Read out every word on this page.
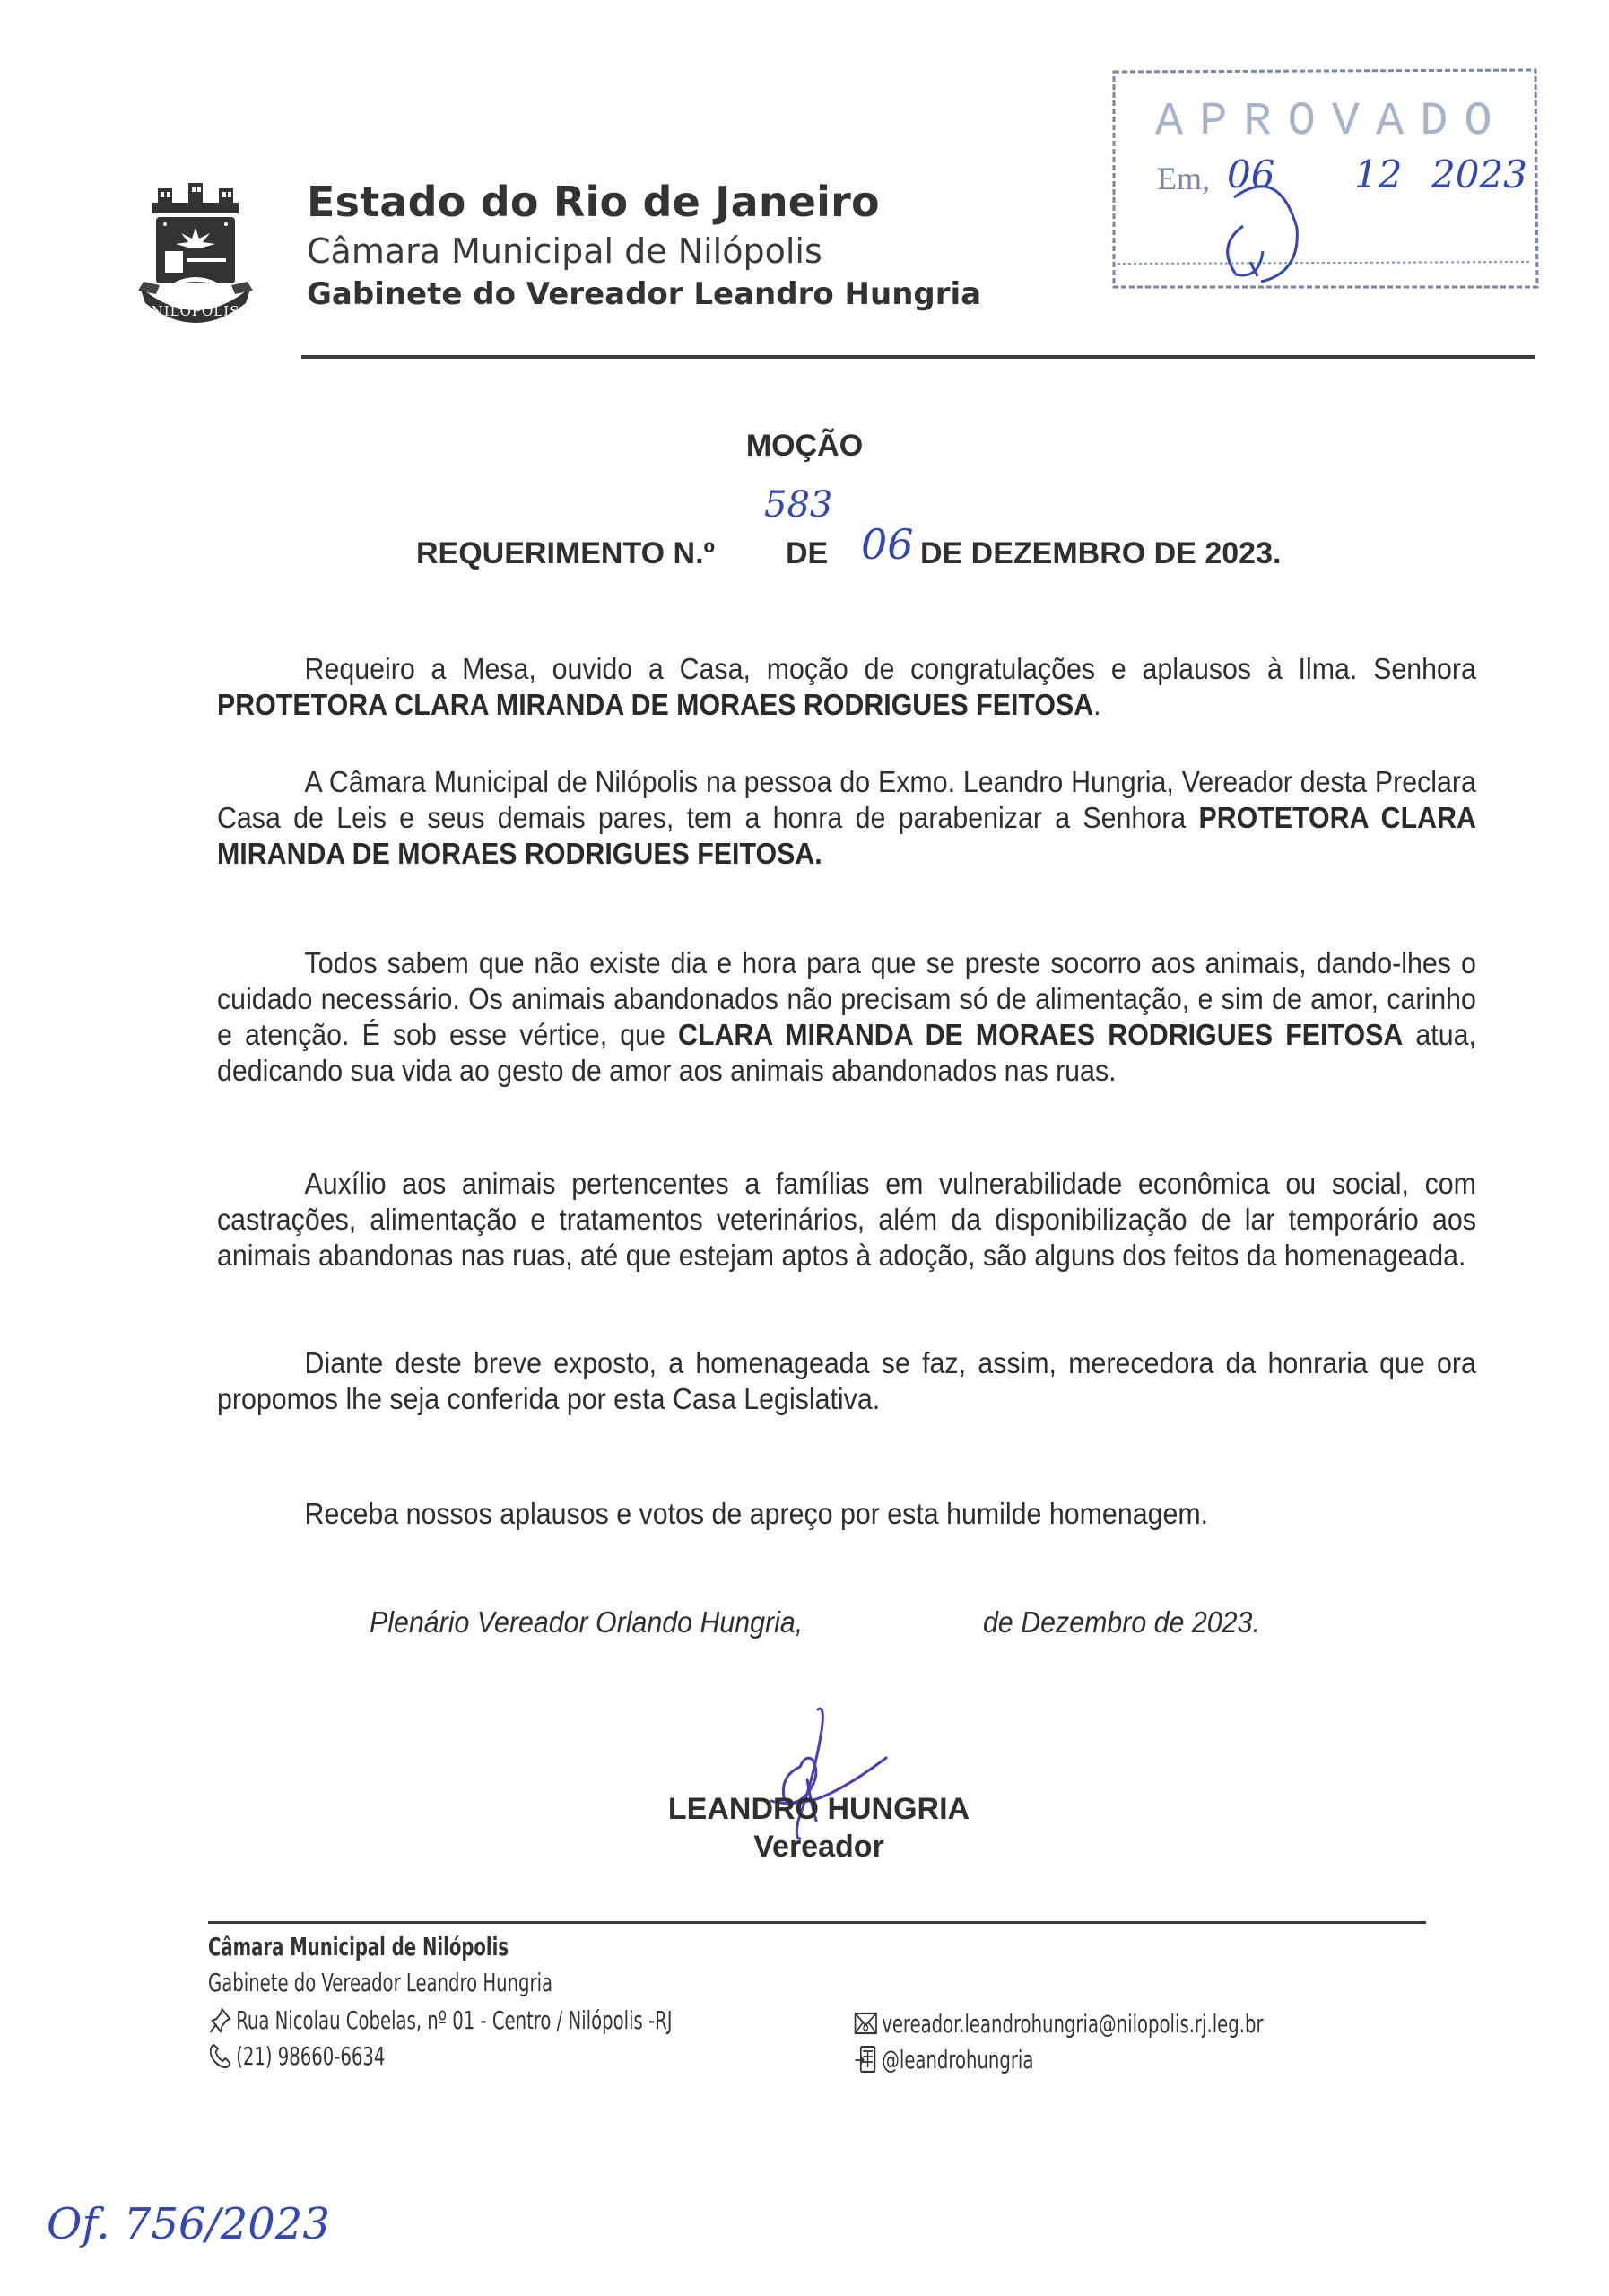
NILOPOLIS
Estado do Rio de Janeiro
Câmara Municipal de Nilópolis
Gabinete do Vereador Leandro Hungria
APROVADO
Em, 06 12 2023
MOÇÃO
REQUERIMENTO N.º
583
DE 06 DE DEZEMBRO DE 2023.
Requeiro a Mesa, ouvido a Casa, moção de congratulações e aplausos à Ilma. Senhora PROTETORA CLARA MIRANDA DE MORAES RODRIGUES FEITOSA.
A Câmara Municipal de Nilópolis na pessoa do Exmo. Leandro Hungria, Vereador desta Preclara Casa de Leis e seus demais pares, tem a honra de parabenizar a Senhora PROTETORA CLARA MIRANDA DE MORAES RODRIGUES FEITOSA.
Todos sabem que não existe dia e hora para que se preste socorro aos animais, dando-lhes o cuidado necessário. Os animais abandonados não precisam só de alimentação, e sim de amor, carinho e atenção. É sob esse vértice, que CLARA MIRANDA DE MORAES RODRIGUES FEITOSA atua, dedicando sua vida ao gesto de amor aos animais abandonados nas ruas.
Auxílio aos animais pertencentes a famílias em vulnerabilidade econômica ou social, com castrações, alimentação e tratamentos veterinários, além da disponibilização de lar temporário aos animais abandonas nas ruas, até que estejam aptos à adoção, são alguns dos feitos da homenageada.
Diante deste breve exposto, a homenageada se faz, assim, merecedora da honraria que ora propomos lhe seja conferida por esta Casa Legislativa.
Receba nossos aplausos e votos de apreço por esta humilde homenagem.
Plenário Vereador Orlando Hungria,	de Dezembro de 2023.
LEANDRO HUNGRIA
Vereador
Câmara Municipal de Nilópolis
Gabinete do Vereador Leandro Hungria
Rua Nicolau Cobelas, nº 01 - Centro / Nilópolis -RJ
(21) 98660-6634
vereador.leandrohungria@nilopolis.rj.leg.br
@leandrohungria
Of. 756/2023
